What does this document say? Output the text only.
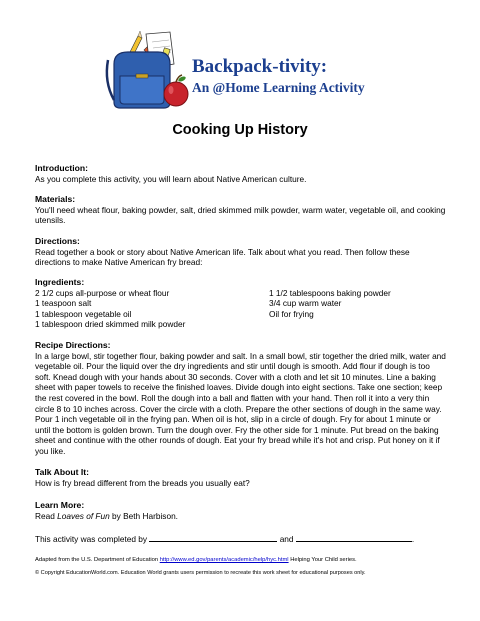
Backpack-tivity:
An @Home Learning Activity
Cooking Up History
Introduction:
As you complete this activity, you will learn about Native American culture.
Materials:
You'll need wheat flour, baking powder, salt, dried skimmed milk powder, warm water, vegetable oil, and cooking utensils.
Directions:
Read together a book or story about Native American life. Talk about what you read. Then follow these directions to make Native American fry bread:
Ingredients:
2 1/2 cups all-purpose or wheat flour
1 teaspoon salt
1 tablespoon vegetable oil
1 tablespoon dried skimmed milk powder
1 1/2 tablespoons baking powder
3/4 cup warm water
Oil for frying
Recipe Directions:
In a large bowl, stir together flour, baking powder and salt. In a small bowl, stir together the dried milk, water and vegetable oil. Pour the liquid over the dry ingredients and stir until dough is smooth. Add flour if dough is too soft. Knead dough with your hands about 30 seconds. Cover with a cloth and let sit 10 minutes. Line a baking sheet with paper towels to receive the finished loaves. Divide dough into eight sections. Take one section; keep the rest covered in the bowl. Roll the dough into a ball and flatten with your hand. Then roll it into a very thin circle 8 to 10 inches across. Cover the circle with a cloth. Prepare the other sections of dough in the same way. Pour 1 inch vegetable oil in the frying pan. When oil is hot, slip in a circle of dough. Fry for about 1 minute or until the bottom is golden brown. Turn the dough over. Fry the other side for 1 minute. Put bread on the baking sheet and continue with the other rounds of dough. Eat your fry bread while it's hot and crisp. Put honey on it if you like.
Talk About It:
How is fry bread different from the breads you usually eat?
Learn More:
Read Loaves of Fun by Beth Harbison.
This activity was completed by	and	.
Adapted from the U.S. Department of Education http://www.ed.gov/parents/academic/help/hyc.html Helping Your Child series.
© Copyright EducationWorld.com. Education World grants users permission to recreate this work sheet for educational purposes only.
